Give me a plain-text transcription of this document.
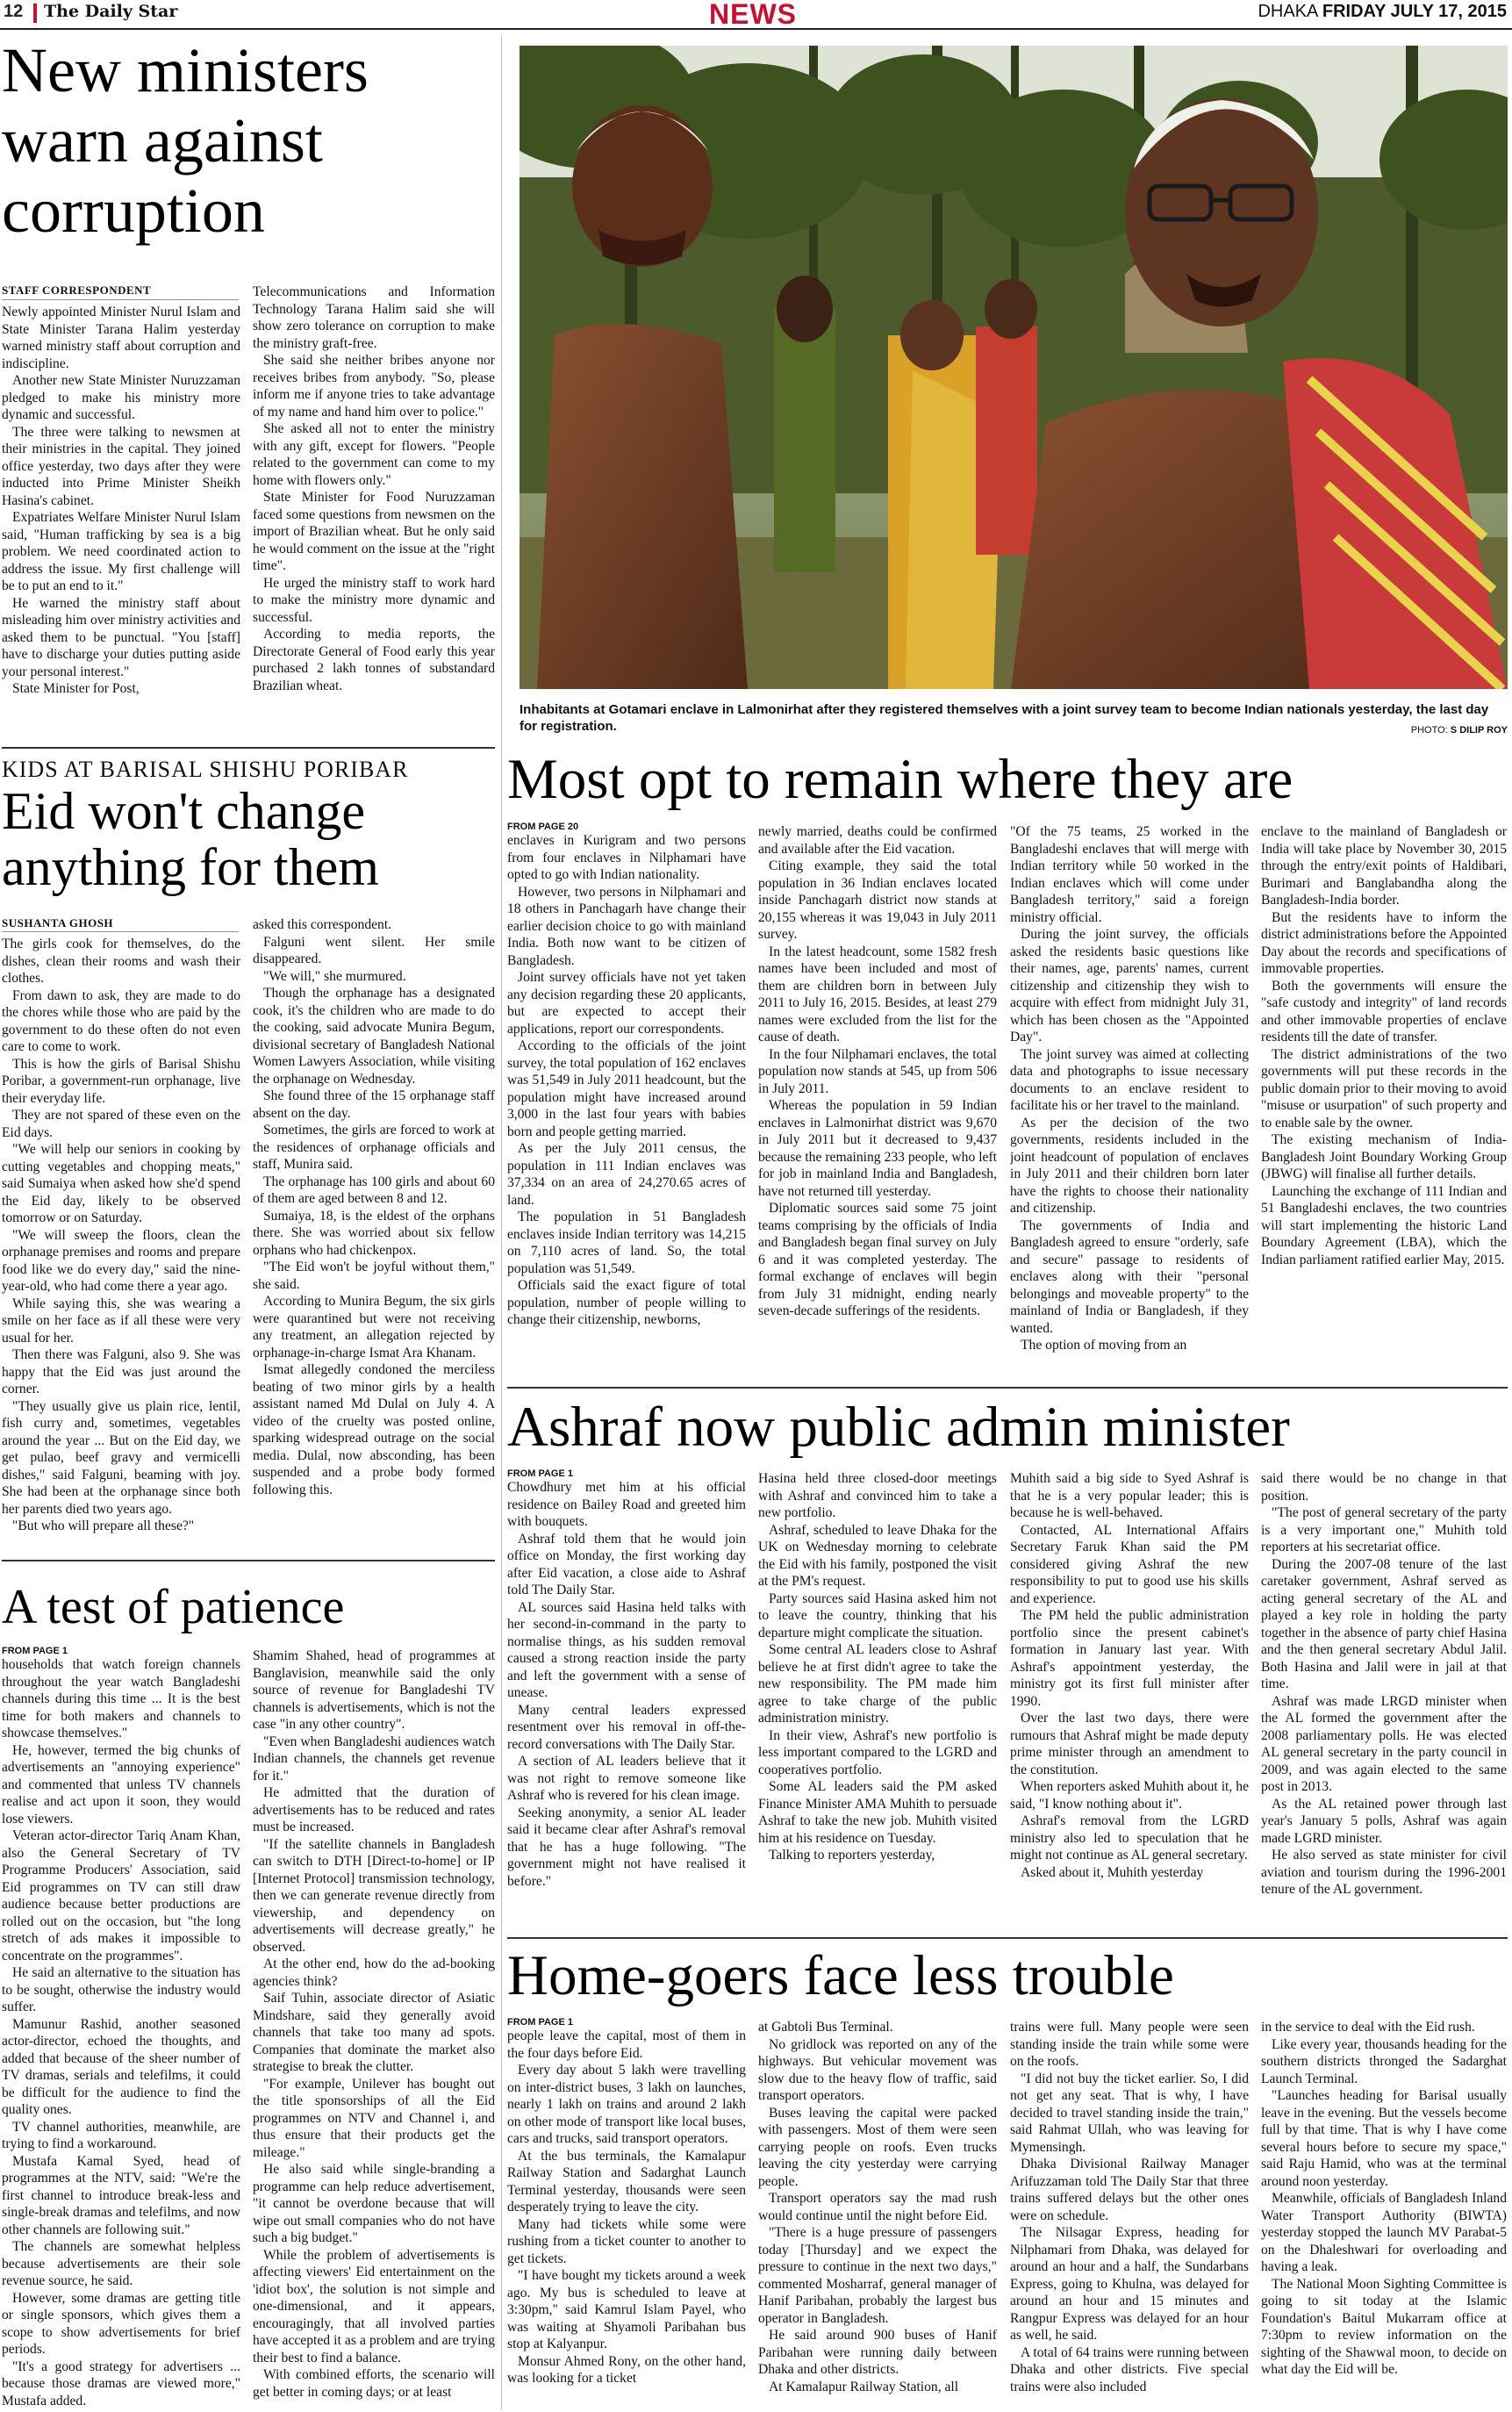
12 The Daily Star	NEWS	DHAKA FRIDAY JULY 17, 2015
New ministers warn against corruption
STAFF CORRESPONDENT

Newly appointed Minister Nurul Islam and State Minister Tarana Halim yesterday warned ministry staff about corruption and indiscipline.

Another new State Minister Nuruzzaman pledged to make his ministry more dynamic and successful.

The three were talking to newsmen at their ministries in the capital. They joined office yesterday, two days after they were inducted into Prime Minister Sheikh Hasina's cabinet.

Expatriates Welfare Minister Nurul Islam said, "Human trafficking by sea is a big problem. We need coordinated action to address the issue. My first challenge will be to put an end to it."

He warned the ministry staff about misleading him over ministry activities and asked them to be punctual. "You [staff] have to discharge your duties putting aside your personal interest."

State Minister for Post,

Telecommunications and Information Technology Tarana Halim said she will show zero tolerance on corruption to make the ministry graft-free.

She said she neither bribes anyone nor receives bribes from anybody. "So, please inform me if anyone tries to take advantage of my name and hand him over to police."

She asked all not to enter the ministry with any gift, except for flowers. "People related to the government can come to my home with flowers only."

State Minister for Food Nuruzzaman faced some questions from newsmen on the import of Brazilian wheat. But he only said he would comment on the issue at the "right time".

He urged the ministry staff to work hard to make the ministry more dynamic and successful.

According to media reports, the Directorate General of Food early this year purchased 2 lakh tonnes of substandard Brazilian wheat.

Inhabitants at Gotamari enclave in Lalmonirhat after they registered themselves with a joint survey team to become Indian nationals yesterday, the last day for registration.	PHOTO: S DILIP ROY
KIDS AT BARISAL SHISHU PORIBAR
Eid won't change anything for them
SUSHANTA GHOSH

The girls cook for themselves, do the dishes, clean their rooms and wash their clothes.

From dawn to ask, they are made to do the chores while those who are paid by the government to do these often do not even care to come to work.

This is how the girls of Barisal Shishu Poribar, a government-run orphanage, live their everyday life.

They are not spared of these even on the Eid days.

"We will help our seniors in cooking by cutting vegetables and chopping meats," said Sumaiya when asked how she'd spend the Eid day, likely to be observed tomorrow or on Saturday.

"We will sweep the floors, clean the orphanage premises and rooms and prepare food like we do every day," said the nine-year-old, who had come there a year ago.

While saying this, she was wearing a smile on her face as if all these were very usual for her.

Then there was Falguni, also 9. She was happy that the Eid was just around the corner.

"They usually give us plain rice, lentil, fish curry and, sometimes, vegetables around the year ... But on the Eid day, we get pulao, beef gravy and vermicelli dishes," said Falguni, beaming with joy. She had been at the orphanage since both her parents died two years ago.

"But who will prepare all these?"

asked this correspondent.

Falguni went silent. Her smile disappeared.

"We will," she murmured.

Though the orphanage has a designated cook, it's the children who are made to do the cooking, said advocate Munira Begum, divisional secretary of Bangladesh National Women Lawyers Association, while visiting the orphanage on Wednesday.

She found three of the 15 orphanage staff absent on the day.

Sometimes, the girls are forced to work at the residences of orphanage officials and staff, Munira said.

The orphanage has 100 girls and about 60 of them are aged between 8 and 12.

Sumaiya, 18, is the eldest of the orphans there. She was worried about six fellow orphans who had chickenpox.

"The Eid won't be joyful without them," she said.

According to Munira Begum, the six girls were quarantined but were not receiving any treatment, an allegation rejected by orphanage-in-charge Ismat Ara Khanam.

Ismat allegedly condoned the merciless beating of two minor girls by a health assistant named Md Dulal on July 4. A video of the cruelty was posted online, sparking widespread outrage on the social media. Dulal, now absconding, has been suspended and a probe body formed following this.

Most opt to remain where they are
FROM PAGE 20

enclaves in Kurigram and two persons from four enclaves in Nilphamari have opted to go with Indian nationality.

However, two persons in Nilphamari and 18 others in Panchagarh have change their earlier decision choice to go with mainland India. Both now want to be citizen of Bangladesh.

Joint survey officials have not yet taken any decision regarding these 20 applicants, but are expected to accept their applications, report our correspondents.

According to the officials of the joint survey, the total population of 162 enclaves was 51,549 in July 2011 headcount, but the population might have increased around 3,000 in the last four years with babies born and people getting married.

As per the July 2011 census, the population in 111 Indian enclaves was 37,334 on an area of 24,270.65 acres of land.

The population in 51 Bangladesh enclaves inside Indian territory was 14,215 on 7,110 acres of land. So, the total population was 51,549.

Officials said the exact figure of total population, number of people willing to change their citizenship, newborns,

newly married, deaths could be confirmed and available after the Eid vacation.

Citing example, they said the total population in 36 Indian enclaves located inside Panchagarh district now stands at 20,155 whereas it was 19,043 in July 2011 survey.

In the latest headcount, some 1582 fresh names have been included and most of them are children born in between July 2011 to July 16, 2015. Besides, at least 279 names were excluded from the list for the cause of death.

In the four Nilphamari enclaves, the total population now stands at 545, up from 506 in July 2011.

Whereas the population in 59 Indian enclaves in Lalmonirhat district was 9,670 in July 2011 but it decreased to 9,437 because the remaining 233 people, who left for job in mainland India and Bangladesh, have not returned till yesterday.

Diplomatic sources said some 75 joint teams comprising by the officials of India and Bangladesh began final survey on July 6 and it was completed yesterday. The formal exchange of enclaves will begin from July 31 midnight, ending nearly seven-decade sufferings of the residents.

"Of the 75 teams, 25 worked in the Bangladeshi enclaves that will merge with Indian territory while 50 worked in the Indian enclaves which will come under Bangladesh territory," said a foreign ministry official.

During the joint survey, the officials asked the residents basic questions like their names, age, parents' names, current citizenship and citizenship they wish to acquire with effect from midnight July 31, which has been chosen as the "Appointed Day".

The joint survey was aimed at collecting data and photographs to issue necessary documents to an enclave resident to facilitate his or her travel to the mainland.

As per the decision of the two governments, residents included in the joint headcount of population of enclaves in July 2011 and their children born later have the rights to choose their nationality and citizenship.

The governments of India and Bangladesh agreed to ensure "orderly, safe and secure" passage to residents of enclaves along with their "personal belongings and moveable property" to the mainland of India or Bangladesh, if they wanted.

The option of moving from an

enclave to the mainland of Bangladesh or India will take place by November 30, 2015 through the entry/exit points of Haldibari, Burimari and Banglabandha along the Bangladesh-India border.

But the residents have to inform the district administrations before the Appointed Day about the records and specifications of immovable properties.

Both the governments will ensure the "safe custody and integrity" of land records and other immovable properties of enclave residents till the date of transfer.

The district administrations of the two governments will put these records in the public domain prior to their moving to avoid "misuse or usurpation" of such property and to enable sale by the owner.

The existing mechanism of India-Bangladesh Joint Boundary Working Group (JBWG) will finalise all further details.

Launching the exchange of 111 Indian and 51 Bangladeshi enclaves, the two countries will start implementing the historic Land Boundary Agreement (LBA), which the Indian parliament ratified earlier May, 2015.

A test of patience
FROM PAGE 1

households that watch foreign channels throughout the year watch Bangladeshi channels during this time ... It is the best time for both makers and channels to showcase themselves."

He, however, termed the big chunks of advertisements an "annoying experience" and commented that unless TV channels realise and act upon it soon, they would lose viewers.

Veteran actor-director Tariq Anam Khan, also the General Secretary of TV Programme Producers' Association, said Eid programmes on TV can still draw audience because better productions are rolled out on the occasion, but "the long stretch of ads makes it impossible to concentrate on the programmes".

He said an alternative to the situation has to be sought, otherwise the industry would suffer.

Mamunur Rashid, another seasoned actor-director, echoed the thoughts, and added that because of the sheer number of TV dramas, serials and telefilms, it could be difficult for the audience to find the quality ones.

TV channel authorities, meanwhile, are trying to find a workaround.

Mustafa Kamal Syed, head of programmes at the NTV, said: "We're the first channel to introduce break-less and single-break dramas and telefilms, and now other channels are following suit."

The channels are somewhat helpless because advertisements are their sole revenue source, he said.

However, some dramas are getting title or single sponsors, which gives them a scope to show advertisements for brief periods.

"It's a good strategy for advertisers ... because those dramas are viewed more," Mustafa added.

Shamim Shahed, head of programmes at Banglavision, meanwhile said the only source of revenue for Bangladeshi TV channels is advertisements, which is not the case "in any other country".

"Even when Bangladeshi audiences watch Indian channels, the channels get revenue for it."

He admitted that the duration of advertisements has to be reduced and rates must be increased.

"If the satellite channels in Bangladesh can switch to DTH [Direct-to-home] or IP [Internet Protocol] transmission technology, then we can generate revenue directly from viewership, and dependency on advertisements will decrease greatly," he observed.

At the other end, how do the ad-booking agencies think?

Saif Tuhin, associate director of Asiatic Mindshare, said they generally avoid channels that take too many ad spots. Companies that dominate the market also strategise to break the clutter.

"For example, Unilever has bought out the title sponsorships of all the Eid programmes on NTV and Channel i, and thus ensure that their products get the mileage."

He also said while single-branding a programme can help reduce advertisement, "it cannot be overdone because that will wipe out small companies who do not have such a big budget."

While the problem of advertisements is affecting viewers' Eid entertainment on the 'idiot box', the solution is not simple and one-dimensional, and it appears, encouragingly, that all involved parties have accepted it as a problem and are trying their best to find a balance.

With combined efforts, the scenario will get better in coming days; or at least

Ashraf now public admin minister
FROM PAGE 1

Chowdhury met him at his official residence on Bailey Road and greeted him with bouquets.

Ashraf told them that he would join office on Monday, the first working day after Eid vacation, a close aide to Ashraf told The Daily Star.

AL sources said Hasina held talks with her second-in-command in the party to normalise things, as his sudden removal caused a strong reaction inside the party and left the government with a sense of unease.

Many central leaders expressed resentment over his removal in off-the-record conversations with The Daily Star.

A section of AL leaders believe that it was not right to remove someone like Ashraf who is revered for his clean image.

Seeking anonymity, a senior AL leader said it became clear after Ashraf's removal that he has a huge following. "The government might not have realised it before."

Hasina held three closed-door meetings with Ashraf and convinced him to take a new portfolio.

Ashraf, scheduled to leave Dhaka for the UK on Wednesday morning to celebrate the Eid with his family, postponed the visit at the PM's request.

Party sources said Hasina asked him not to leave the country, thinking that his departure might complicate the situation.

Some central AL leaders close to Ashraf believe he at first didn't agree to take the new responsibility. The PM made him agree to take charge of the public administration ministry.

In their view, Ashraf's new portfolio is less important compared to the LGRD and cooperatives portfolio.

Some AL leaders said the PM asked Finance Minister AMA Muhith to persuade Ashraf to take the new job. Muhith visited him at his residence on Tuesday.

Talking to reporters yesterday,

Muhith said a big side to Syed Ashraf is that he is a very popular leader; this is because he is well-behaved.

Contacted, AL International Affairs Secretary Faruk Khan said the PM considered giving Ashraf the new responsibility to put to good use his skills and experience.

The PM held the public administration portfolio since the present cabinet's formation in January last year. With Ashraf's appointment yesterday, the ministry got its first full minister after 1990.

Over the last two days, there were rumours that Ashraf might be made deputy prime minister through an amendment to the constitution.

When reporters asked Muhith about it, he said, "I know nothing about it".

Ashraf's removal from the LGRD ministry also led to speculation that he might not continue as AL general secretary.

Asked about it, Muhith yesterday

said there would be no change in that position.

"The post of general secretary of the party is a very important one," Muhith told reporters at his secretariat office.

During the 2007-08 tenure of the last caretaker government, Ashraf served as acting general secretary of the AL and played a key role in holding the party together in the absence of party chief Hasina and the then general secretary Abdul Jalil. Both Hasina and Jalil were in jail at that time.

Ashraf was made LRGD minister when the AL formed the government after the 2008 parliamentary polls. He was elected AL general secretary in the party council in 2009, and was again elected to the same post in 2013.

As the AL retained power through last year's January 5 polls, Ashraf was again made LGRD minister.

He also served as state minister for civil aviation and tourism during the 1996-2001 tenure of the AL government.

Home-goers face less trouble
FROM PAGE 1

people leave the capital, most of them in the four days before Eid.

Every day about 5 lakh were travelling on inter-district buses, 3 lakh on launches, nearly 1 lakh on trains and around 2 lakh on other mode of transport like local buses, cars and trucks, said transport operators.

At the bus terminals, the Kamalapur Railway Station and Sadarghat Launch Terminal yesterday, thousands were seen desperately trying to leave the city.

Many had tickets while some were rushing from a ticket counter to another to get tickets.

"I have bought my tickets around a week ago. My bus is scheduled to leave at 3:30pm," said Kamrul Islam Payel, who was waiting at Shyamoli Paribahan bus stop at Kalyanpur.

Monsur Ahmed Rony, on the other hand, was looking for a ticket

at Gabtoli Bus Terminal.

No gridlock was reported on any of the highways. But vehicular movement was slow due to the heavy flow of traffic, said transport operators.

Buses leaving the capital were packed with passengers. Most of them were seen carrying people on roofs. Even trucks leaving the city yesterday were carrying people.

Transport operators say the mad rush would continue until the night before Eid.

"There is a huge pressure of passengers today [Thursday] and we expect the pressure to continue in the next two days," commented Mosharraf, general manager of Hanif Paribahan, probably the largest bus operator in Bangladesh.

He said around 900 buses of Hanif Paribahan were running daily between Dhaka and other districts.

At Kamalapur Railway Station, all

trains were full. Many people were seen standing inside the train while some were on the roofs.

"I did not buy the ticket earlier. So, I did not get any seat. That is why, I have decided to travel standing inside the train," said Rahmat Ullah, who was leaving for Mymensingh.

Dhaka Divisional Railway Manager Arifuzzaman told The Daily Star that three trains suffered delays but the other ones were on schedule.

The Nilsagar Express, heading for Nilphamari from Dhaka, was delayed for around an hour and a half, the Sundarbans Express, going to Khulna, was delayed for around an hour and 15 minutes and Rangpur Express was delayed for an hour as well, he said.

A total of 64 trains were running between Dhaka and other districts. Five special trains were also included

in the service to deal with the Eid rush.

Like every year, thousands heading for the southern districts thronged the Sadarghat Launch Terminal.

"Launches heading for Barisal usually leave in the evening. But the vessels become full by that time. That is why I have come several hours before to secure my space," said Raju Hamid, who was at the terminal around noon yesterday.

Meanwhile, officials of Bangladesh Inland Water Transport Authority (BIWTA) yesterday stopped the launch MV Parabat-5 on the Dhaleshwari for overloading and having a leak.

The National Moon Sighting Committee is going to sit today at the Islamic Foundation's Baitul Mukarram office at 7:30pm to review information on the sighting of the Shawwal moon, to decide on what day the Eid will be.
